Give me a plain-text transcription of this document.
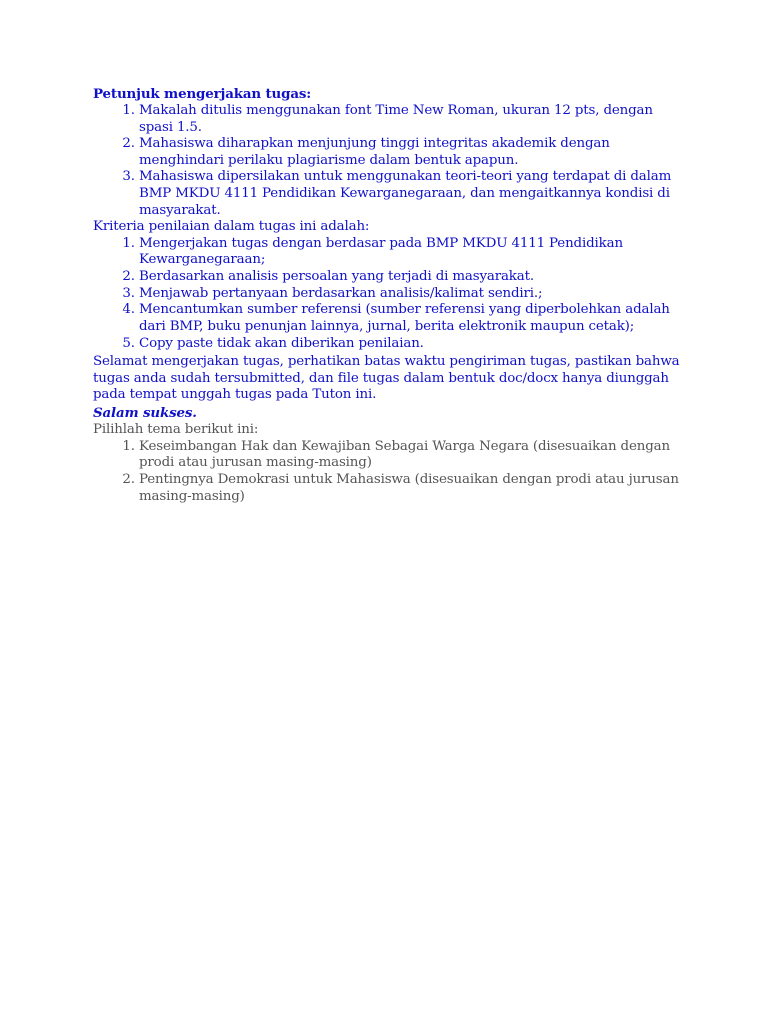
Petunjuk mengerjakan tugas:

1. Makalah ditulis menggunakan font Time New Roman, ukuran 12 pts, dengan spasi 1.5.
2. Mahasiswa diharapkan menjunjung tinggi integritas akademik dengan menghindari perilaku plagiarisme dalam bentuk apapun.
3. Mahasiswa dipersilakan untuk menggunakan teori-teori yang terdapat di dalam BMP MKDU 4111 Pendidikan Kewarganegaraan, dan mengaitkannya kondisi di masyarakat.

Kriteria penilaian dalam tugas ini adalah:

1. Mengerjakan tugas dengan berdasar pada BMP MKDU 4111 Pendidikan Kewarganegaraan;
2. Berdasarkan analisis persoalan yang terjadi di masyarakat.
3. Menjawab pertanyaan berdasarkan analisis/kalimat sendiri.;
4. Mencantumkan sumber referensi (sumber referensi yang diperbolehkan adalah dari BMP, buku penunjan lainnya, jurnal, berita elektronik maupun cetak);
5. Copy paste tidak akan diberikan penilaian.

Selamat mengerjakan tugas, perhatikan batas waktu pengiriman tugas, pastikan bahwa tugas anda sudah tersubmitted, dan file tugas dalam bentuk doc/docx hanya diunggah pada tempat unggah tugas pada Tuton ini.

Salam sukses.

Pilihlah tema berikut ini:

1. Keseimbangan Hak dan Kewajiban Sebagai Warga Negara (disesuaikan dengan prodi atau jurusan masing-masing)
2. Pentingnya Demokrasi untuk Mahasiswa (disesuaikan dengan prodi atau jurusan masing-masing)
